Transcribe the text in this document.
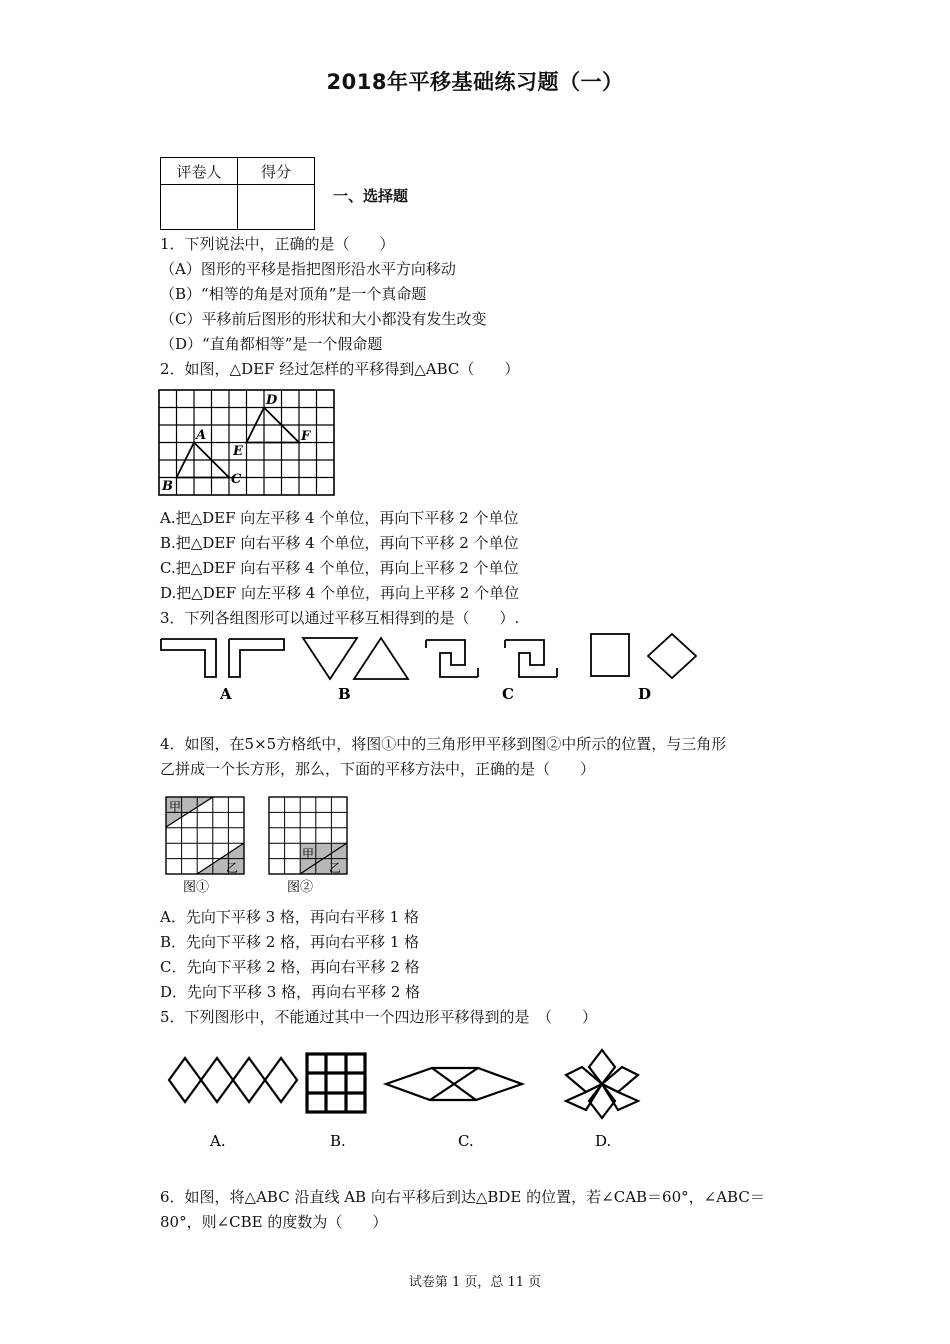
2018年平移基础练习题（一）
评卷人	得分

一、选择题
1．下列说法中，正确的是（　　）
（A）图形的平移是指把图形沿水平方向移动
（B）“相等的角是对顶角”是一个真命题
（C）平移前后图形的形状和大小都没有发生改变
（D）“直角都相等”是一个假命题
2．如图，△DEF 经过怎样的平移得到△ABC（　　）
A
B	C
D
E
F
A.把△DEF 向左平移 4 个单位，再向下平移 2 个单位
B.把△DEF 向右平移 4 个单位，再向下平移 2 个单位
C.把△DEF 向右平移 4 个单位，再向上平移 2 个单位
D.把△DEF 向左平移 4 个单位，再向上平移 2 个单位
3．下列各组图形可以通过平移互相得到的是（　　）.
A	B	C	D
4．如图，在5×5方格纸中，将图①中的三角形甲平移到图②中所示的位置，与三角形
乙拼成一个长方形，那么，下面的平移方法中，正确的是（　　）
甲
乙
甲
乙
图①	图②
A．先向下平移 3 格，再向右平移 1 格
B．先向下平移 2 格，再向右平移 1 格
C．先向下平移 2 格，再向右平移 2 格
D．先向下平移 3 格，再向右平移 2 格
5．下列图形中，不能通过其中一个四边形平移得到的是　（　　）
A.	B.	C.	D.
6．如图，将△ABC 沿直线 AB 向右平移后到达△BDE 的位置，若∠CAB＝60°，∠ABC＝
80°，则∠CBE 的度数为（　　）
试卷第 1 页，总 11 页
